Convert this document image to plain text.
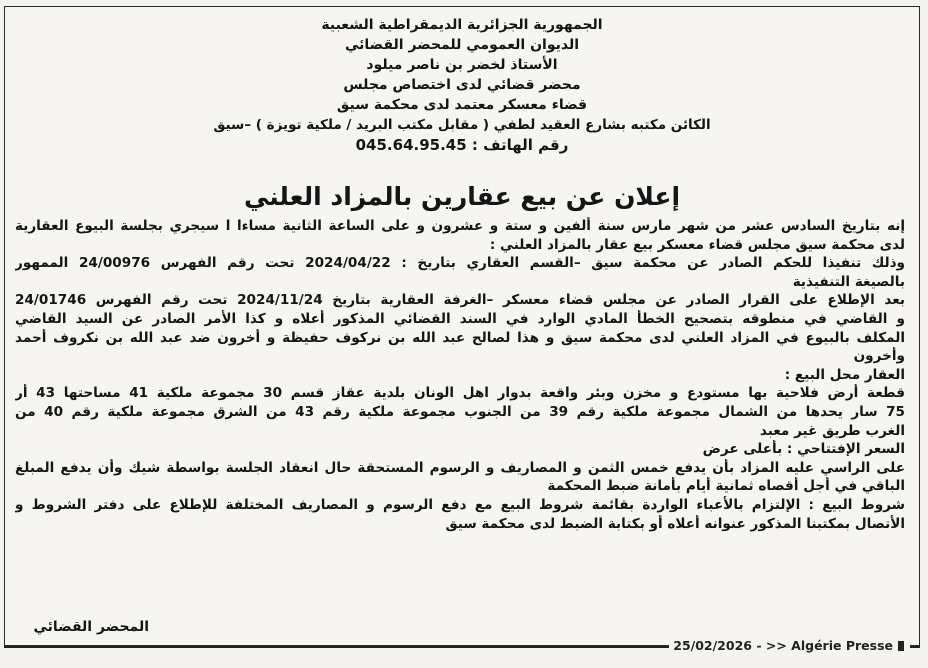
الجمهورية الجزائرية الديمقراطية الشعبية
الديوان العمومي للمحضر القضائي
الأستاذ لخضر بن ناصر ميلود
محضر قضائي لدى اختصاص مجلس
قضاء معسكر معتمد لدى محكمة سيق
الكائن مكتبه بشارع العقيد لطفي ( مقابل مكتب البريد / ملكية تويزة ) –سيق
رقم الهاتف : 045.64.95.45
إعلان عن بيع عقارين بالمزاد العلني
إنه بتاريخ السادس عشر من شهر مارس سنة ألفين و ستة و عشرون و على الساعة الثانية مساءا ا سيجري بجلسة البيوع العقارية
لدى محكمة سيق مجلس قضاء معسكر بيع عقار بالمزاد العلني :
وذلك تنفيذا للحكم الصادر عن محكمة سيق –القسم العقاري بتاريخ : 2024/04/22 تحت رقم الفهرس 24/00976 الممهور
بالصيغة التنفيذية
بعد الإطلاع على القرار الصادر عن مجلس قضاء معسكر –الغرفة العقارية بتاريخ 2024/11/24 تحت رقم الفهرس 24/01746
و القاضي في منطوقه بتصحيح الخطأ المادي الوارد في السند القضائي المذكور أعلاه و كذا الأمر الصادر عن السيد القاضي
المكلف بالبيوع في المزاد العلني لدى محكمة سيق و هذا لصالح عبد الله بن نركوف حفيظة و أخرون ضد عبد الله بن نكروف أحمد
وأخرون
العقار محل البيع :
قطعة أرض فلاحية بها مستودع و مخزن وبئر واقعة بدوار اهل الونان بلدية عقاز قسم 30 مجموعة ملكية 41 مساحتها 43 أر
75 سار يحدها من الشمال مجموعة ملكية رقم 39 من الجنوب مجموعة ملكية رقم 43 من الشرق مجموعة ملكية رقم 40 من
الغرب طريق غير معبد
السعر الإفتتاحي : بأعلى عرض
على الراسي عليه المزاد بأن يدفع خمس الثمن و المصاريف و الرسوم المستحقة حال انعقاد الجلسة بواسطة شيك وأن يدفع المبلغ
الباقي في أجل أقصاه ثمانية أيام بأمانة ضبط المحكمة
شروط البيع : الإلتزام بالأعباء الواردة بقائمة شروط البيع مع دفع الرسوم و المصاريف المختلفة للإطلاع على دفتر الشروط و
الأتصال بمكتبنا المذكور عنوانه أعلاه أو بكتابة الضبط لدى محكمة سيق
المحضر القضائي
25/02/2026 - >> Algérie Presse
